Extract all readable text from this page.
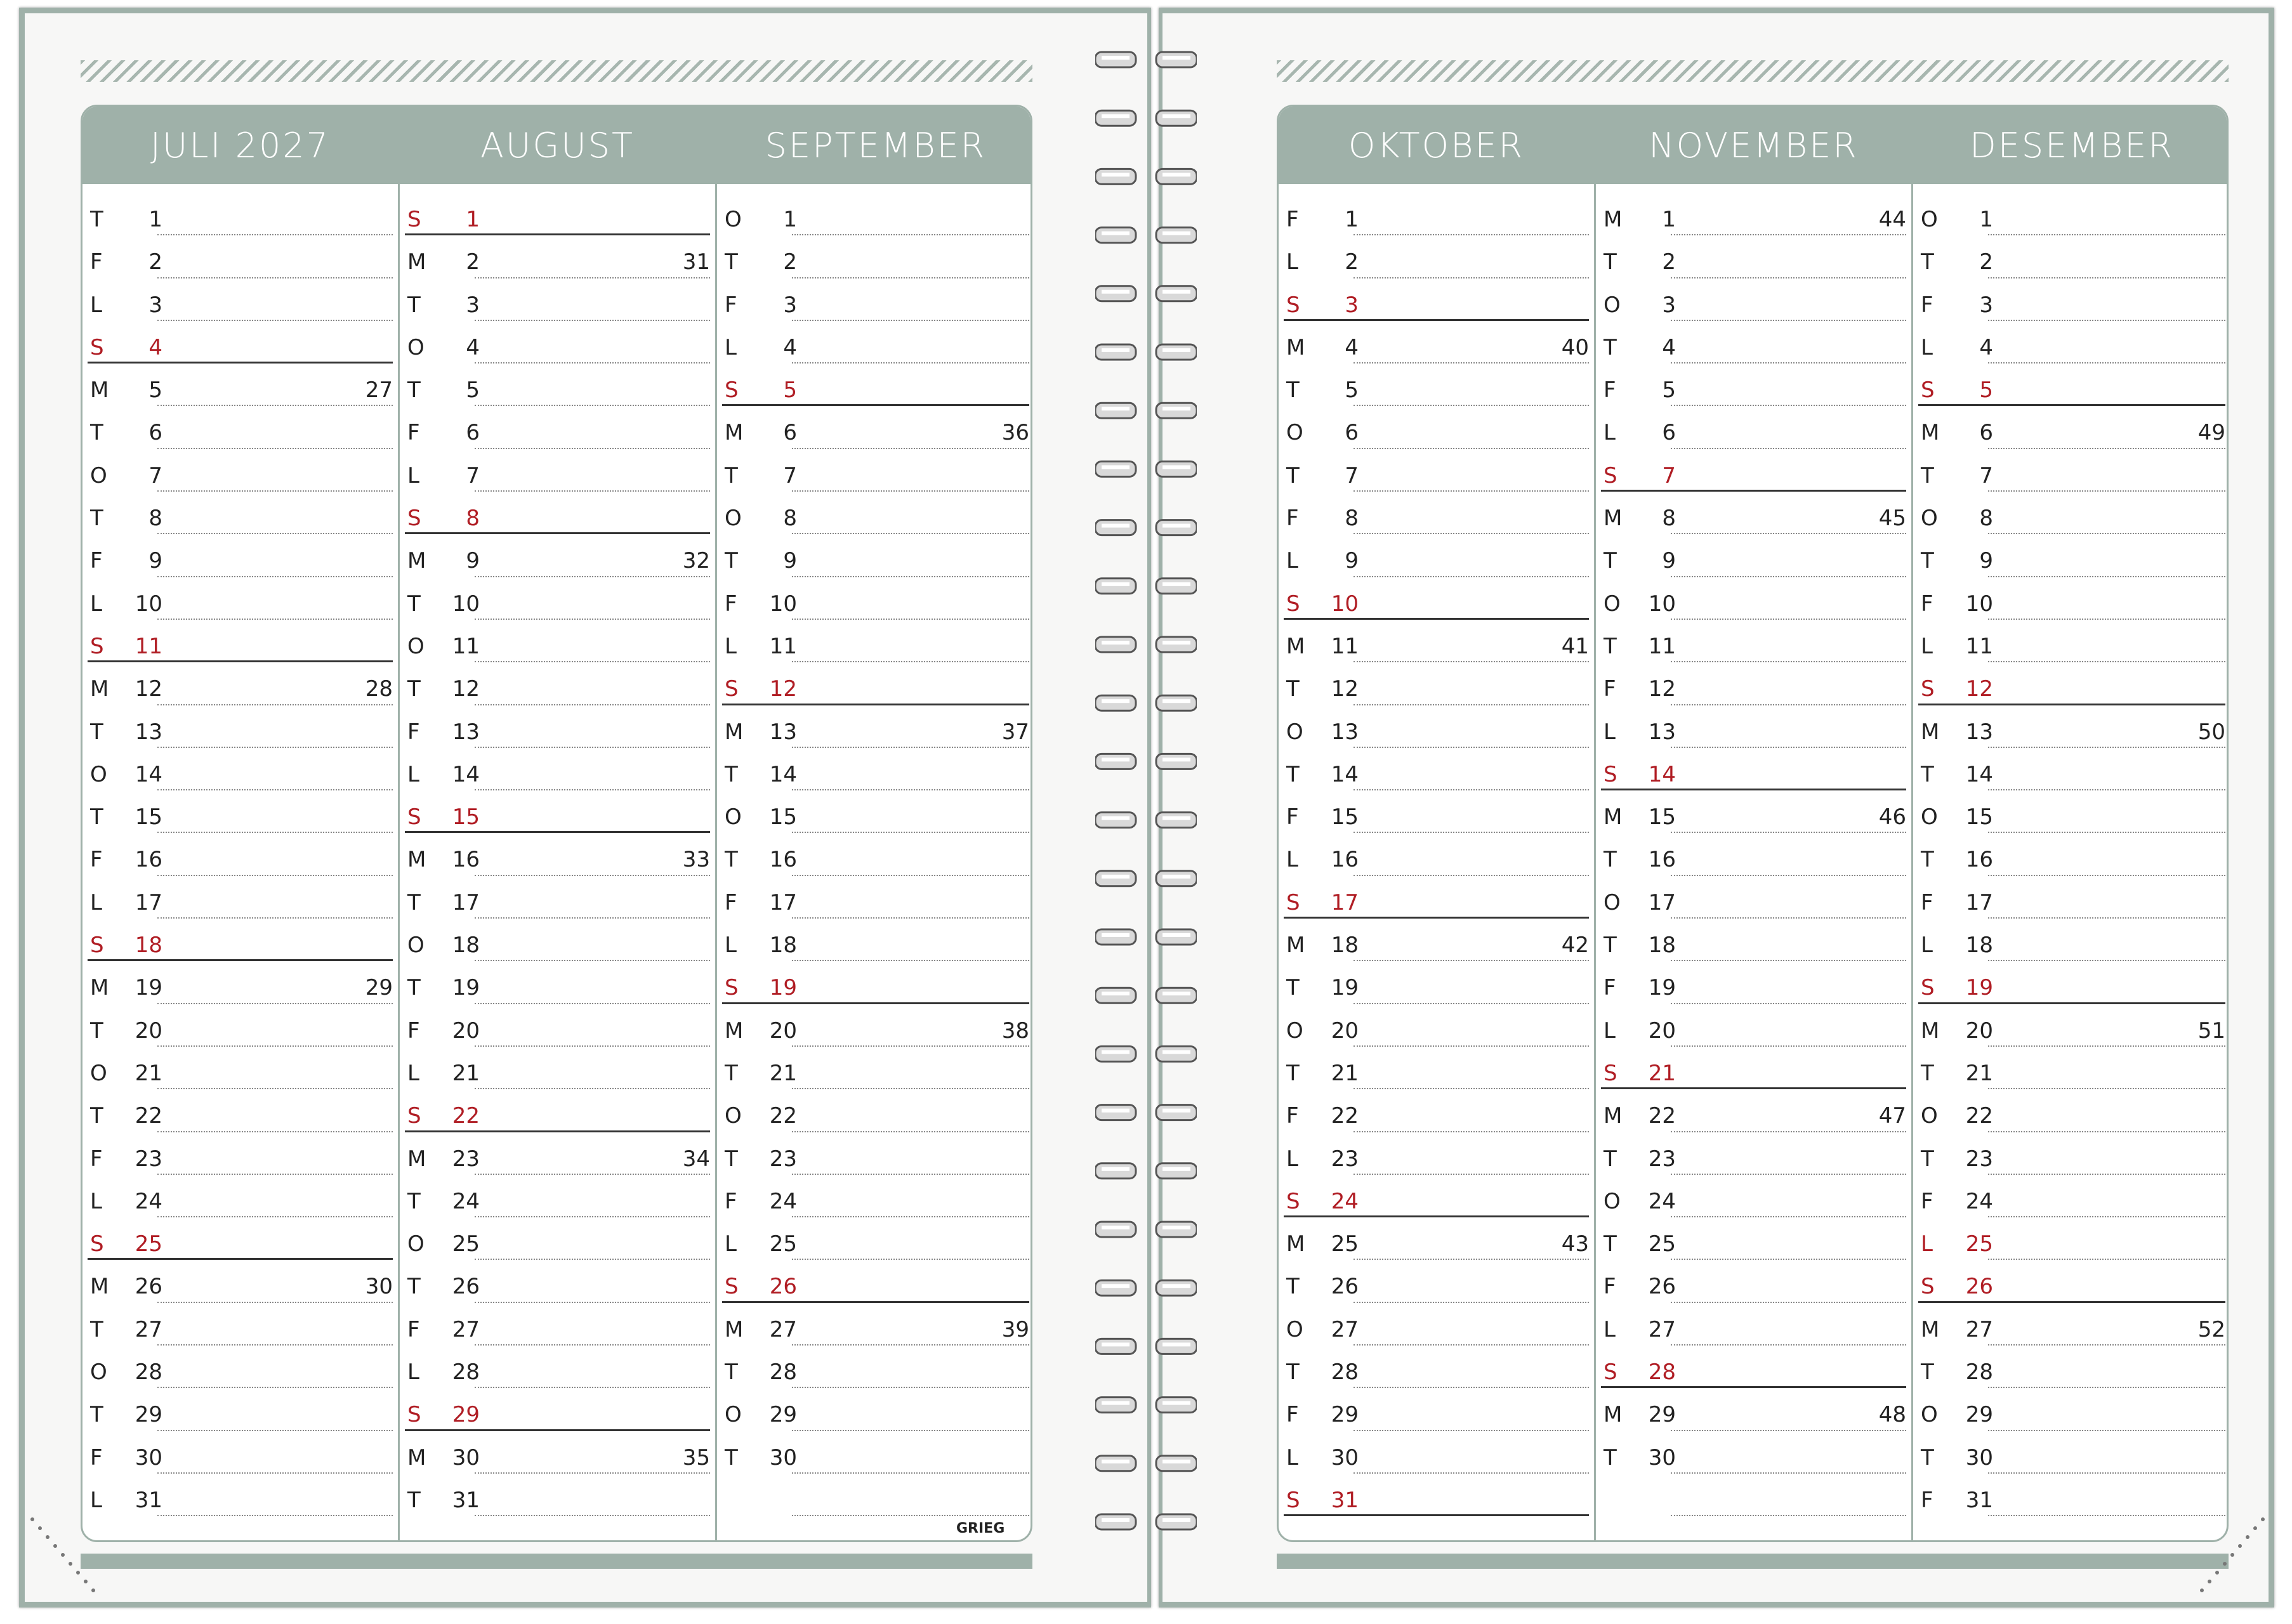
JULI 2027
T	1
F	2
L	3
S	4
M	5	27
T	6
O	7
T	8
F	9
L	10
S	11
M	12	28
T	13
O	14
T	15
F	16
L	17
S	18
M	19	29
T	20
O	21
T	22
F	23
L	24
S	25
M	26	30
T	27
O	28
T	29
F	30
L	31
AUGUST
S	1
M	2	31
T	3
O	4
T	5
F	6
L	7
S	8
M	9	32
T	10
O	11
T	12
F	13
L	14
S	15
M	16	33
T	17
O	18
T	19
F	20
L	21
S	22
M	23	34
T	24
O	25
T	26
F	27
L	28
S	29
M	30	35
T	31
SEPTEMBER
O	1
T	2
F	3
L	4
S	5
M	6	36
T	7
O	8
T	9
F	10
L	11
S	12
M	13	37
T	14
O	15
T	16
F	17
L	18
S	19
M	20	38
T	21
O	22
T	23
F	24
L	25
S	26
M	27	39
T	28
O	29
T	30
GRIEG
OKTOBER
F	1
L	2
S	3
M	4	40
T	5
O	6
T	7
F	8
L	9
S	10
M	11	41
T	12
O	13
T	14
F	15
L	16
S	17
M	18	42
T	19
O	20
T	21
F	22
L	23
S	24
M	25	43
T	26
O	27
T	28
F	29
L	30
S	31
NOVEMBER
M	1	44
T	2
O	3
T	4
F	5
L	6
S	7
M	8	45
T	9
O	10
T	11
F	12
L	13
S	14
M	15	46
T	16
O	17
T	18
F	19
L	20
S	21
M	22	47
T	23
O	24
T	25
F	26
L	27
S	28
M	29	48
T	30
DESEMBER
O	1
T	2
F	3
L	4
S	5
M	6	49
T	7
O	8
T	9
F	10
L	11
S	12
M	13	50
T	14
O	15
T	16
F	17
L	18
S	19
M	20	51
T	21
O	22
T	23
F	24
L	25
S	26
M	27	52
T	28
O	29
T	30
F	31
